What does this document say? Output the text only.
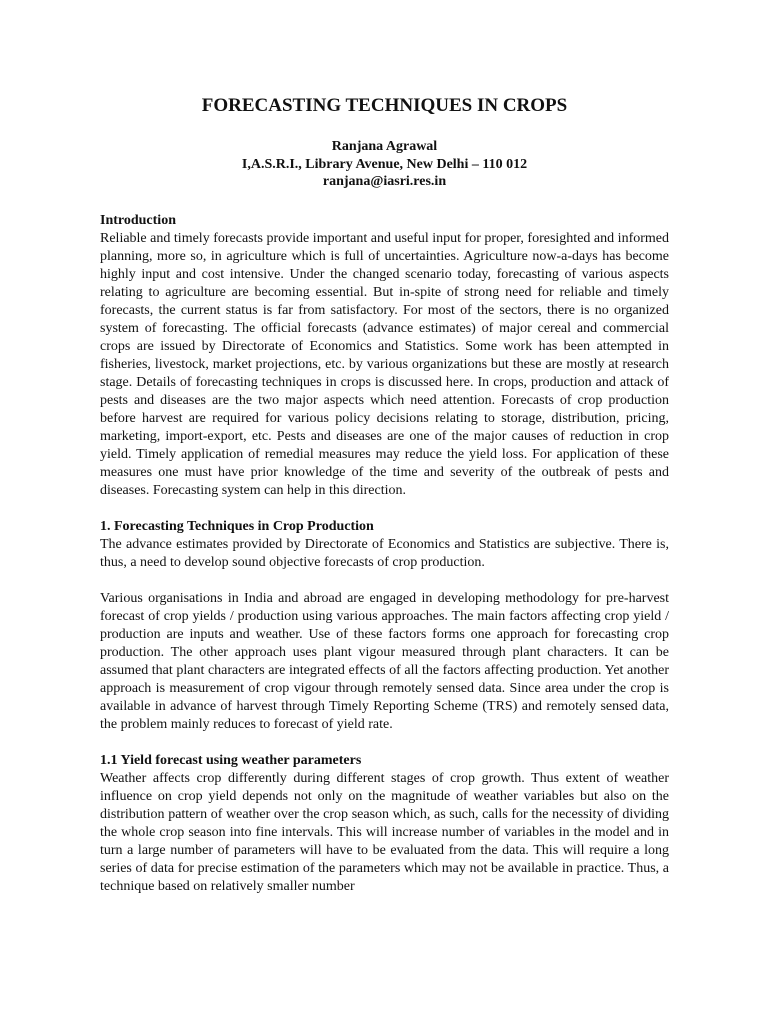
FORECASTING TECHNIQUES IN CROPS
Ranjana Agrawal
I,A.S.R.I., Library Avenue, New Delhi – 110 012
ranjana@iasri.res.in
Introduction

Reliable and timely forecasts provide important and useful input for proper, foresighted and informed planning, more so, in agriculture which is full of uncertainties. Agriculture now-a-days has become highly input and cost intensive. Under the changed scenario today, forecasting of various aspects relating to agriculture are becoming essential. But in-spite of strong need for reliable and timely forecasts, the current status is far from satisfactory. For most of the sectors, there is no organized system of forecasting. The official forecasts (advance estimates) of major cereal and commercial crops are issued by Directorate of Economics and Statistics. Some work has been attempted in fisheries, livestock, market projections, etc. by various organizations but these are mostly at research stage. Details of forecasting techniques in crops is discussed here. In crops, production and attack of pests and diseases are the two major aspects which need attention. Forecasts of crop production before harvest are required for various policy decisions relating to storage, distribution, pricing, marketing, import-export, etc. Pests and diseases are one of the major causes of reduction in crop yield. Timely application of remedial measures may reduce the yield loss. For application of these measures one must have prior knowledge of the time and severity of the outbreak of pests and diseases. Forecasting system can help in this direction.

1. Forecasting Techniques in Crop Production

The advance estimates provided by Directorate of Economics and Statistics are subjective. There is, thus, a need to develop sound objective forecasts of crop production.

Various organisations in India and abroad are engaged in developing methodology for pre-harvest forecast of crop yields / production using various approaches. The main factors affecting crop yield / production are inputs and weather. Use of these factors forms one approach for forecasting crop production. The other approach uses plant vigour measured through plant characters. It can be assumed that plant characters are integrated effects of all the factors affecting production. Yet another approach is measurement of crop vigour through remotely sensed data. Since area under the crop is available in advance of harvest through Timely Reporting Scheme (TRS) and remotely sensed data, the problem mainly reduces to forecast of yield rate.

1.1 Yield forecast using weather parameters

Weather affects crop differently during different stages of crop growth. Thus extent of weather influence on crop yield depends not only on the magnitude of weather variables but also on the distribution pattern of weather over the crop season which, as such, calls for the necessity of dividing the whole crop season into fine intervals. This will increase number of variables in the model and in turn a large number of parameters will have to be evaluated from the data. This will require a long series of data for precise estimation of the parameters which may not be available in practice. Thus, a technique based on relatively smaller number
